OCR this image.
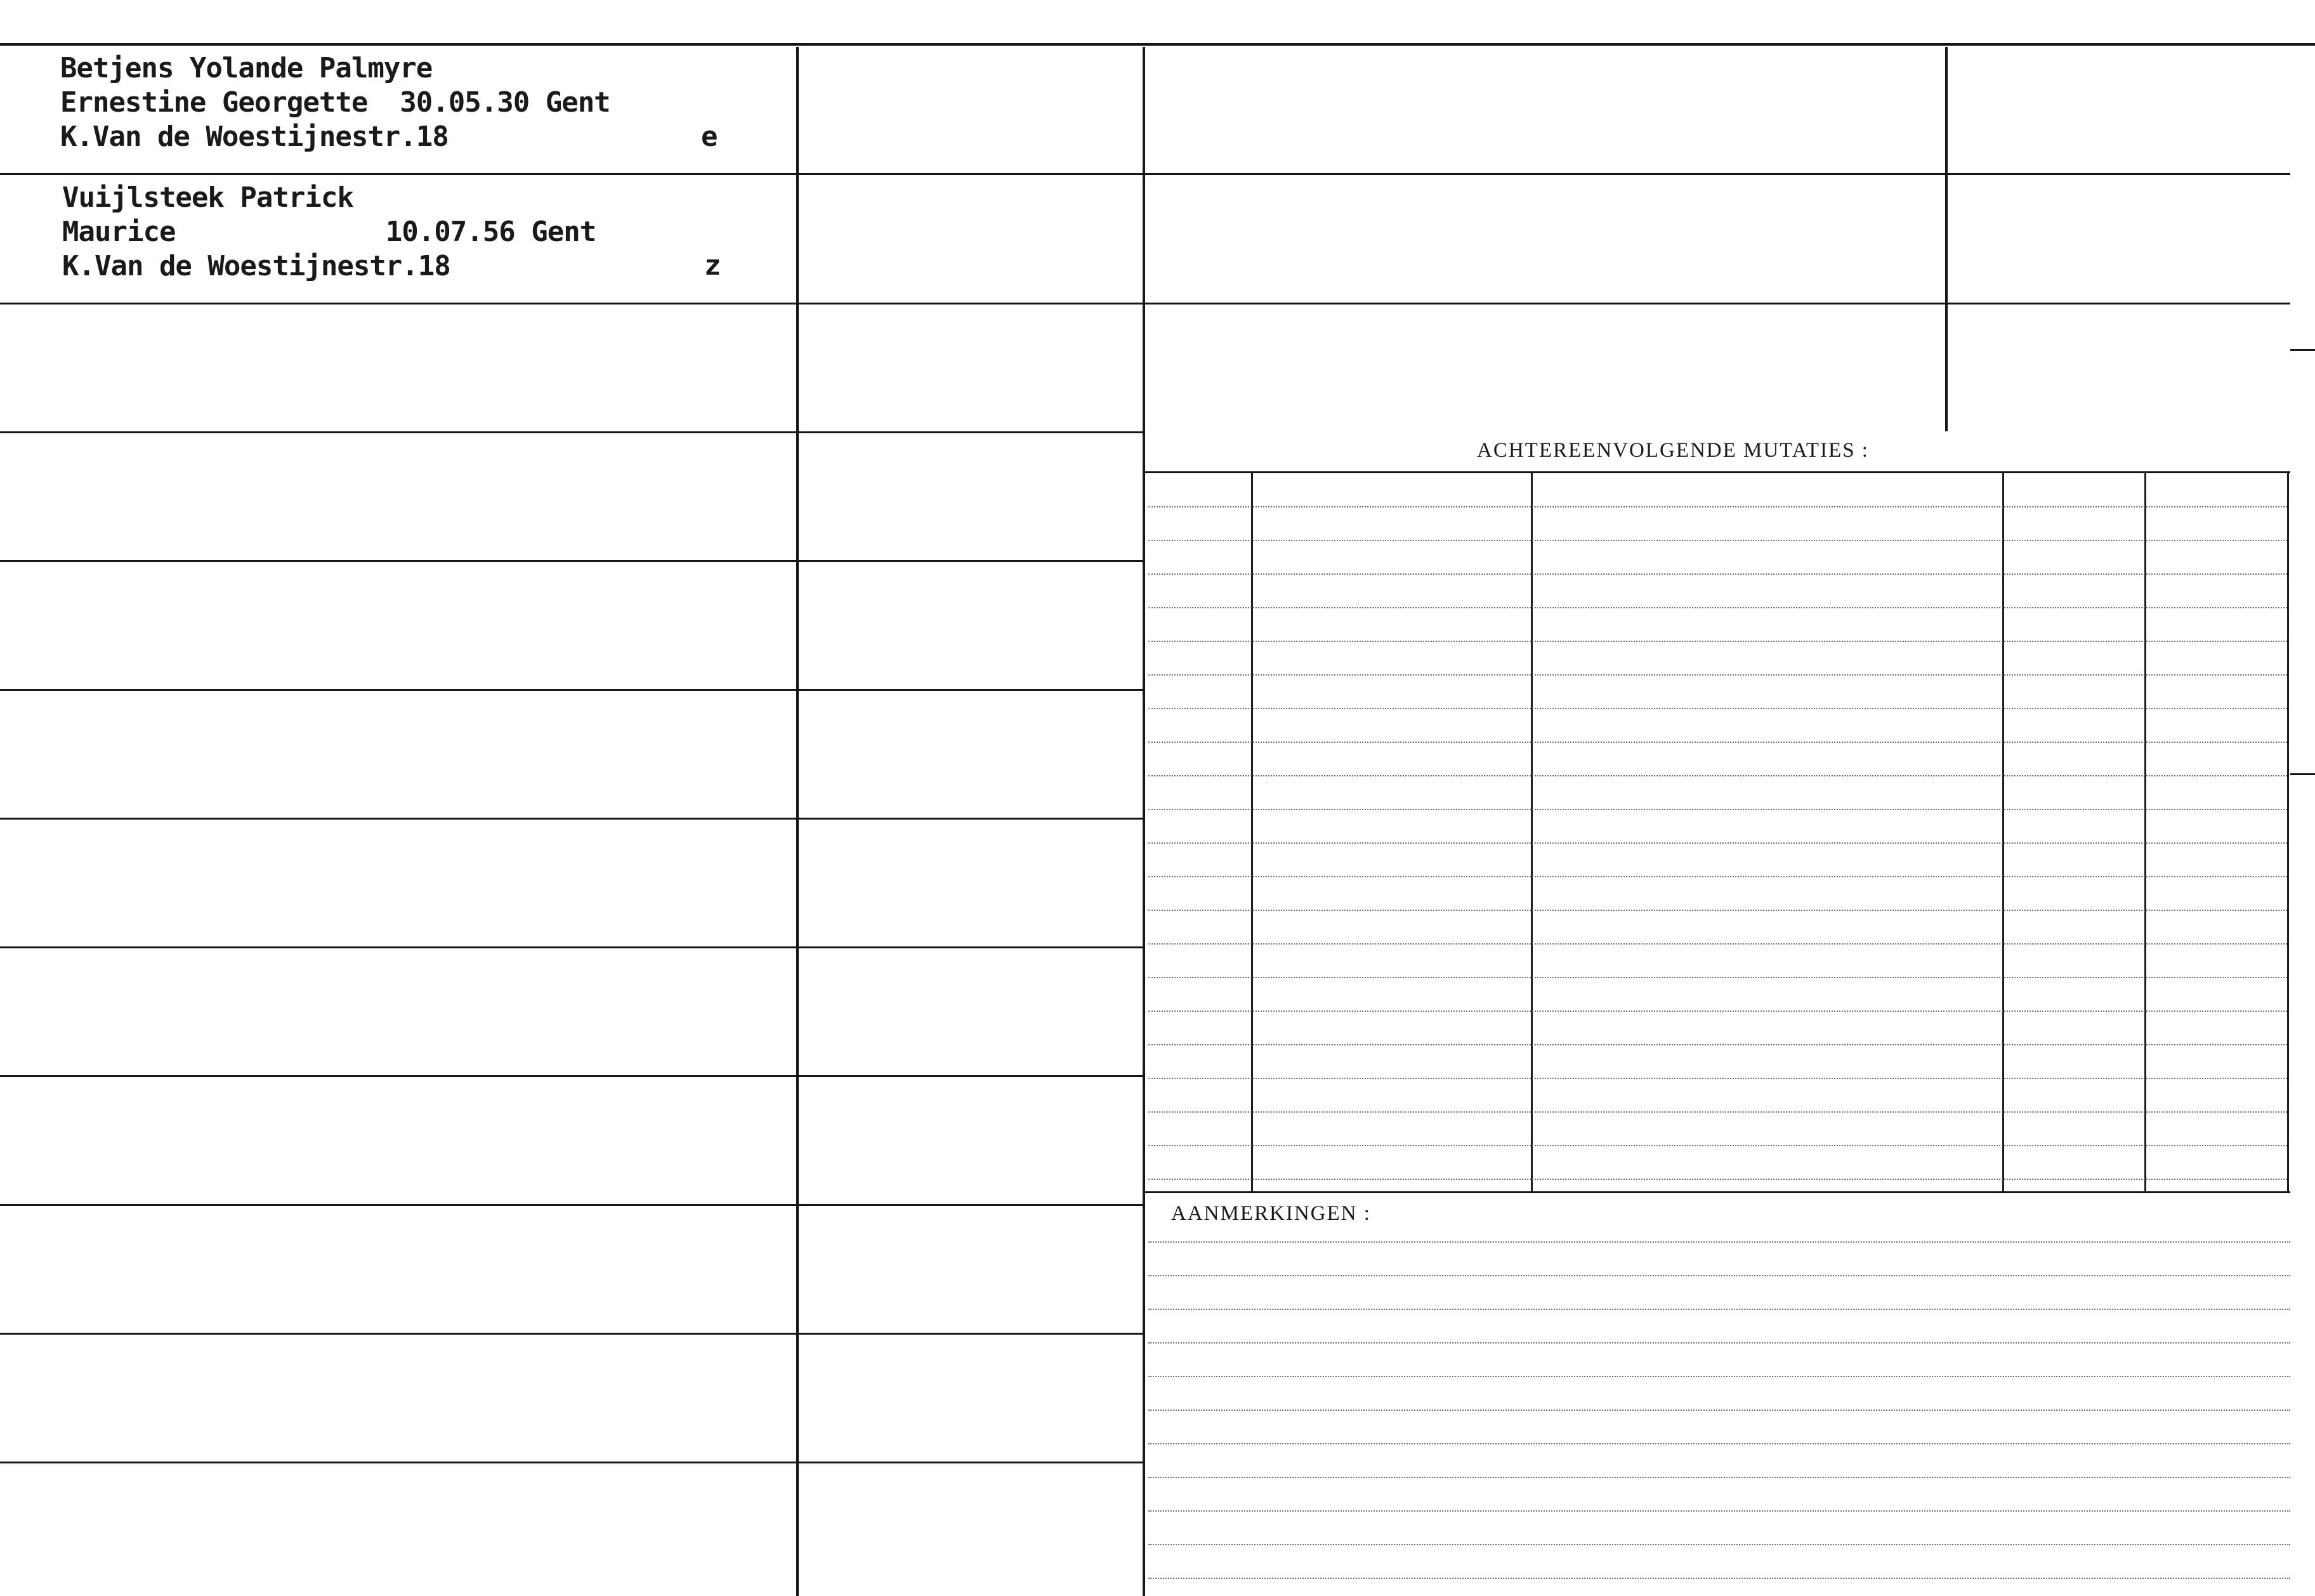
Betjens Yolande Palmyre

Ernestine Georgette  30.05.30 Gent

K.Van de Woestijnestr.18	e

Vuijlsteek Patrick

Maurice             10.07.56 Gent

K.Van de Woestijnestr.18	z
ACHTEREENVOLGENDE MUTATIES :
AANMERKINGEN :
